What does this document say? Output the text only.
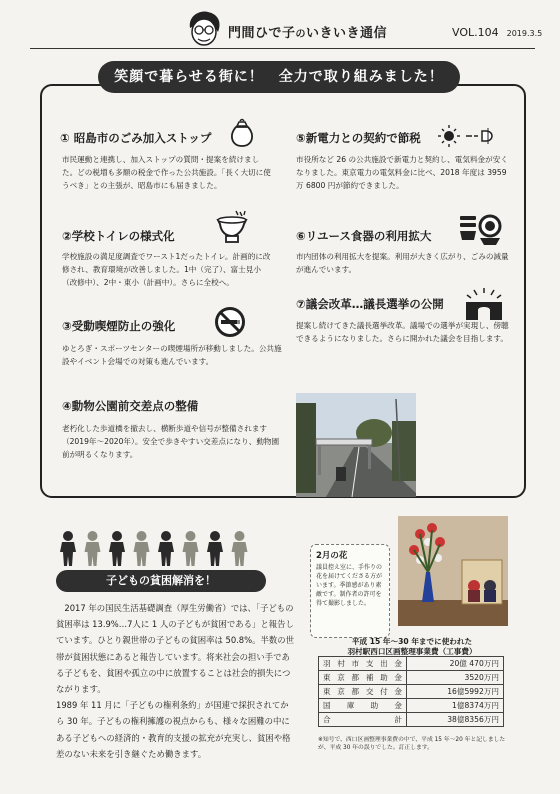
門間ひで子のいきいき通信	VOL.104 2019.3.5
笑顔で暮らせる街に！　全力で取り組みました！
① 昭島市のごみ加入ストップ
市民運動と連携し、加入ストップの質問・提案を続けました。どの税増も多額の税金で作った公共施設。「長く大切に使うべき」との主張が、昭島市にも届きました。
②学校トイレの様式化
学校施設の満足度調査でワースト1だったトイレ。計画的に改修され、教育環境が改善しました。1中（完了）、富士見小（改修中）、2中・東小（計画中）。さらに全校へ。
③受動喫煙防止の強化
ゆとろぎ・スポーツセンターの喫煙場所が移動しました。公共施設やイベント会場での対策も進んでいます。
④動物公園前交差点の整備
老朽化した歩道橋を撤去し、横断歩道や信号が整備されます（2019年〜2020年）。安全で歩きやすい交差点になり、動物園前が明るくなります。
⑤新電力との契約で節税
市役所など 26 の公共施設で新電力と契約し、電気料金が安くなりました。東京電力の電気料金に比べ、2018 年度は 3959 万 6800 円が節約できました。
⑥リユース食器の利用拡大
市内団体の利用拡大を提案。利用が大きく広がり、ごみの減量が進んでいます。
⑦議会改革…議長選挙の公開
提案し続けてきた議長選挙改革。議場での選挙が実現し、傍聴できるようになりました。さらに開かれた議会を目指します。
子どもの貧困解消を！
　2017 年の国民生活基礎調査（厚生労働省）では、「子どもの貧困率は 13.9%…7人に 1 人の子どもが貧困である」と報告しています。ひとり親世帯の子どもの貧困率は 50.8%。半数の世帯が貧困状態にあると報告しています。将来社会の担い手である子どもを、貧困や孤立の中に放置することは社会的損失につながります。
1989 年 11 月に「子どもの権利条約」が国連で採択されてから 30 年。子どもの権利擁護の視点からも、様々な困難の中にある子どもへの経済的・教育的支援の拡充が充実し、貧困や格差のない未来を引き継ぐため働きます。
2月の花
議員控え室に、手作りの花を届けてくださる方がいます。季節感があり素敵です。制作者の許可を得て撮影しました。
平成 15 年〜30 年までに使われた
羽村駅西口区画整理事業費（工事費）
羽村市支出金	20億 470万円
東京都補助金	3520万円
東京都交付金	16億5992万円
国　庫　助　金	1億8374万円
合　　計	38億8356万円
※知号で、西口区画整理事業費の中で、平成 15 年〜20 年と記しましたが、平成 30 年の誤りでした。訂正します。
